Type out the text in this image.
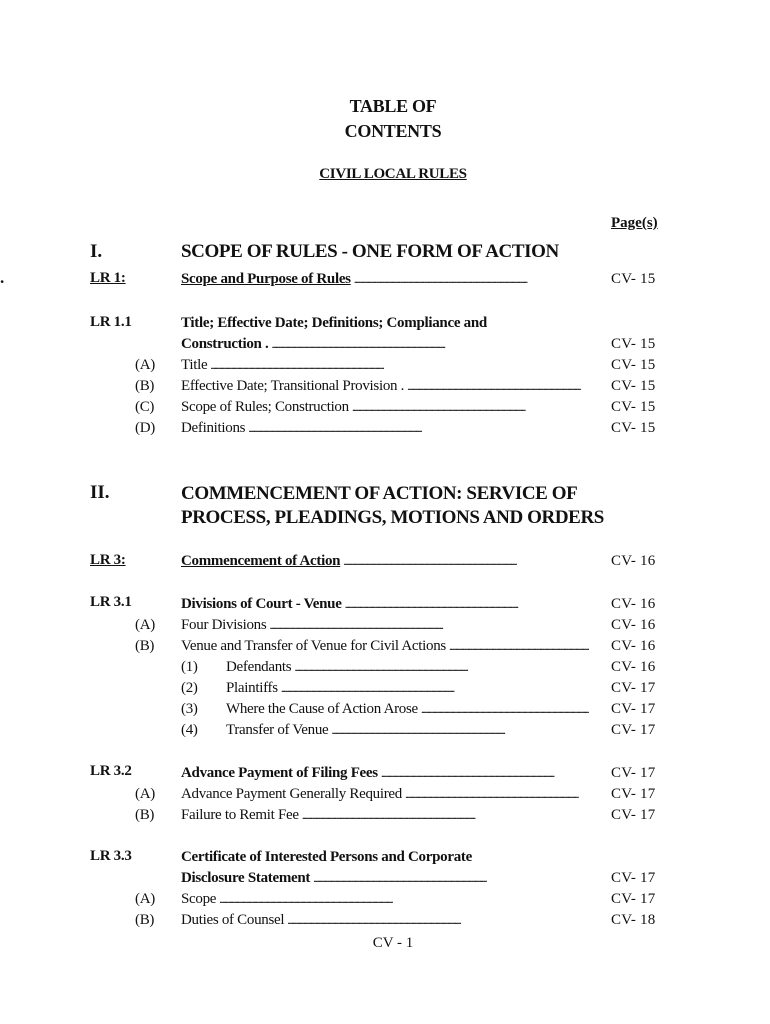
TABLE OF
CONTENTS
CIVIL LOCAL RULES
Page(s)
.
I.	SCOPE OF RULES - ONE FORM OF ACTION
LR 1:	Scope and Purpose of Rules . . .	CV- 15
LR 1.1	Title; Effective Date; Definitions; Compliance and
Construction . . . .	CV- 15
(A)	Title . . .	CV- 15
(B)	Effective Date; Transitional Provision . . . .	CV- 15
(C)	Scope of Rules; Construction . . .	CV- 15
(D)	Definitions . . .	CV- 15
II.	COMMENCEMENT OF ACTION: SERVICE OF
PROCESS, PLEADINGS, MOTIONS AND ORDERS
LR 3:	Commencement of Action . . .	CV- 16
LR 3.1	Divisions of Court - Venue . . .	CV- 16
(A)	Four Divisions . . .	CV- 16
(B)	Venue and Transfer of Venue for Civil Actions . . .	CV- 16
(1) Defendants . . .	CV- 16
(2) Plaintiffs . . .	CV- 17
(3) Where the Cause of Action Arose . . .	CV- 17
(4) Transfer of Venue . . .	CV- 17
LR 3.2	Advance Payment of Filing Fees . . .	CV- 17
(A)	Advance Payment Generally Required . . .	CV- 17
(B)	Failure to Remit Fee . . .	CV- 17
LR 3.3	Certificate of Interested Persons and Corporate
Disclosure Statement . . .	CV- 17
(A)	Scope . . .	CV- 17
(B)	Duties of Counsel . . .	CV- 18
CV - 1
